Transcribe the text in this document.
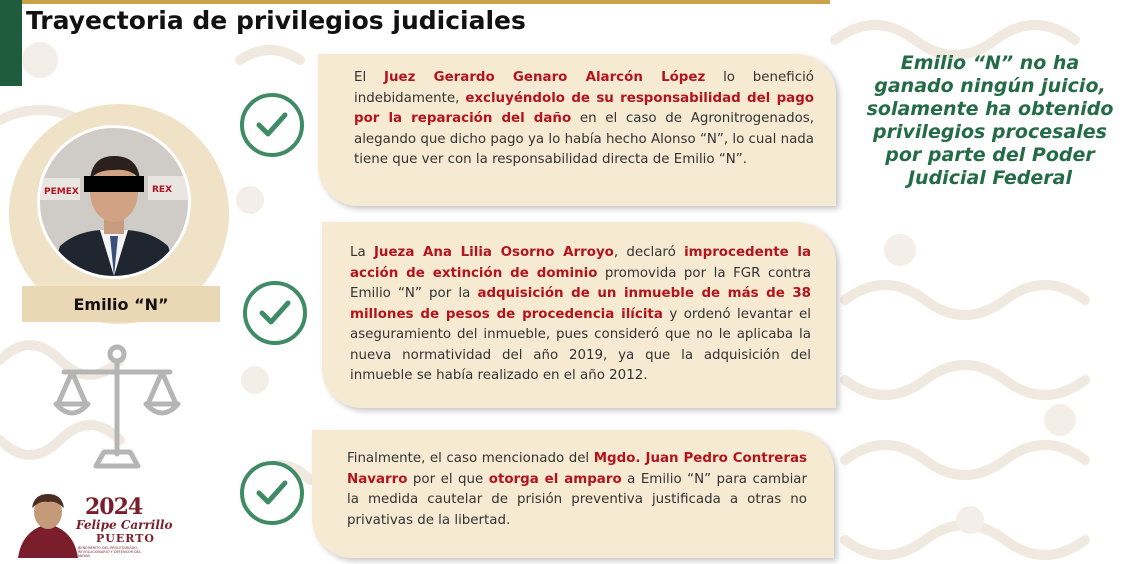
Trayectoria de privilegios judiciales
PEMEX	REX
Emilio “N”
2024
Felipe Carrillo
PUERTO
BENEMÉRITO DEL PROLETARIADO, REVOLUCIONARIO Y DEFENSOR DEL MAYAB
El Juez Gerardo Genaro Alarcón López lo benefició indebidamente, excluyéndolo de su responsabilidad del pago por la reparación del daño en el caso de Agronitrogenados, alegando que dicho pago ya lo había hecho Alonso “N”, lo cual nada tiene que ver con la responsabilidad directa de Emilio “N”.
La Jueza Ana Lilia Osorno Arroyo, declaró improcedente la acción de extinción de dominio promovida por la FGR contra Emilio “N” por la adquisición de un inmueble de más de 38 millones de pesos de procedencia ilícita y ordenó levantar el aseguramiento del inmueble, pues consideró que no le aplicaba la nueva normatividad del año 2019, ya que la adquisición del inmueble se había realizado en el año 2012.
Finalmente, el caso mencionado del Mgdo. Juan Pedro Contreras Navarro por el que otorga el amparo a Emilio “N” para cambiar la medida cautelar de prisión preventiva justificada a otras no privativas de la libertad.
Emilio “N” no ha ganado ningún juicio, solamente ha obtenido privilegios procesales por parte del Poder Judicial Federal
